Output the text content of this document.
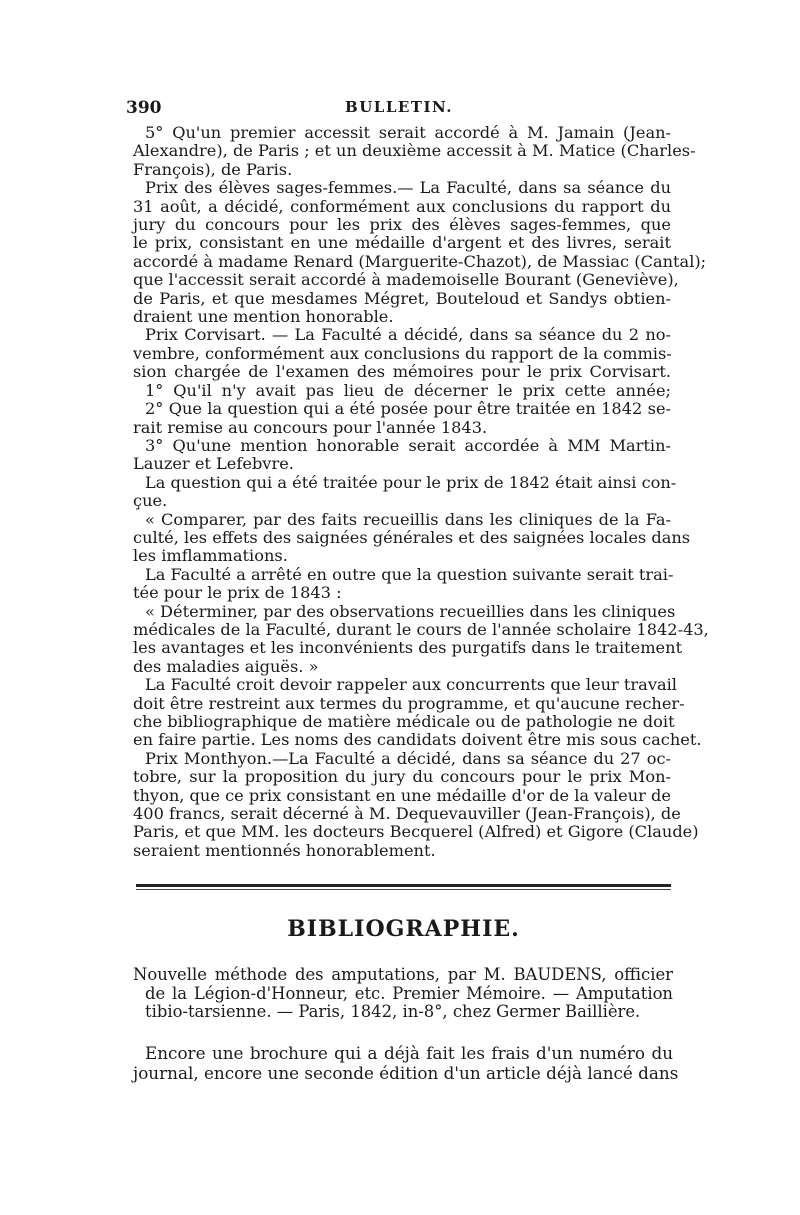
390	BULLETIN.

5° Qu'un premier accessit serait accordé à M. Jamain (Jean-

Alexandre), de Paris ; et un deuxième accessit à M. Matice (Charles-

François), de Paris.

Prix des élèves sages-femmes.— La Faculté, dans sa séance du

31 août, a décidé, conformément aux conclusions du rapport du

jury du concours pour les prix des élèves sages-femmes, que

le prix, consistant en une médaille d'argent et des livres, serait

accordé à madame Renard (Marguerite-Chazot), de Massiac (Cantal);

que l'accessit serait accordé à mademoiselle Bourant (Geneviève),

de Paris, et que mesdames Mégret, Bouteloud et Sandys obtien-

draient une mention honorable.

Prix Corvisart. — La Faculté a décidé, dans sa séance du 2 no-

vembre, conformément aux conclusions du rapport de la commis-

sion chargée de l'examen des mémoires pour le prix Corvisart.

1° Qu'il n'y avait pas lieu de décerner le prix cette année;

2° Que la question qui a été posée pour être traitée en 1842 se-

rait remise au concours pour l'année 1843.

3° Qu'une mention honorable serait accordée à MM Martin-

Lauzer et Lefebvre.

La question qui a été traitée pour le prix de 1842 était ainsi con-

çue.

« Comparer, par des faits recueillis dans les cliniques de la Fa-

culté, les effets des saignées générales et des saignées locales dans

les imflammations.

La Faculté a arrêté en outre que la question suivante serait trai-

tée pour le prix de 1843 :

« Déterminer, par des observations recueillies dans les cliniques

médicales de la Faculté, durant le cours de l'année scholaire 1842-43,

les avantages et les inconvénients des purgatifs dans le traitement

des maladies aiguës. »

La Faculté croit devoir rappeler aux concurrents que leur travail

doit être restreint aux termes du programme, et qu'aucune recher-

che bibliographique de matière médicale ou de pathologie ne doit

en faire partie. Les noms des candidats doivent être mis sous cachet.

Prix Monthyon.—La Faculté a décidé, dans sa séance du 27 oc-

tobre, sur la proposition du jury du concours pour le prix Mon-

thyon, que ce prix consistant en une médaille d'or de la valeur de

400 francs, serait décerné à M. Dequevauviller (Jean-François), de

Paris, et que MM. les docteurs Becquerel (Alfred) et Gigore (Claude)

seraient mentionnés honorablement.

BIBLIOGRAPHIE.

Nouvelle méthode des amputations, par M. BAUDENS, officier

de la Légion-d'Honneur, etc. Premier Mémoire. — Amputation

tibio-tarsienne. — Paris, 1842, in-8°, chez Germer Baillière.

Encore une brochure qui a déjà fait les frais d'un numéro du

journal, encore une seconde édition d'un article déjà lancé dans
